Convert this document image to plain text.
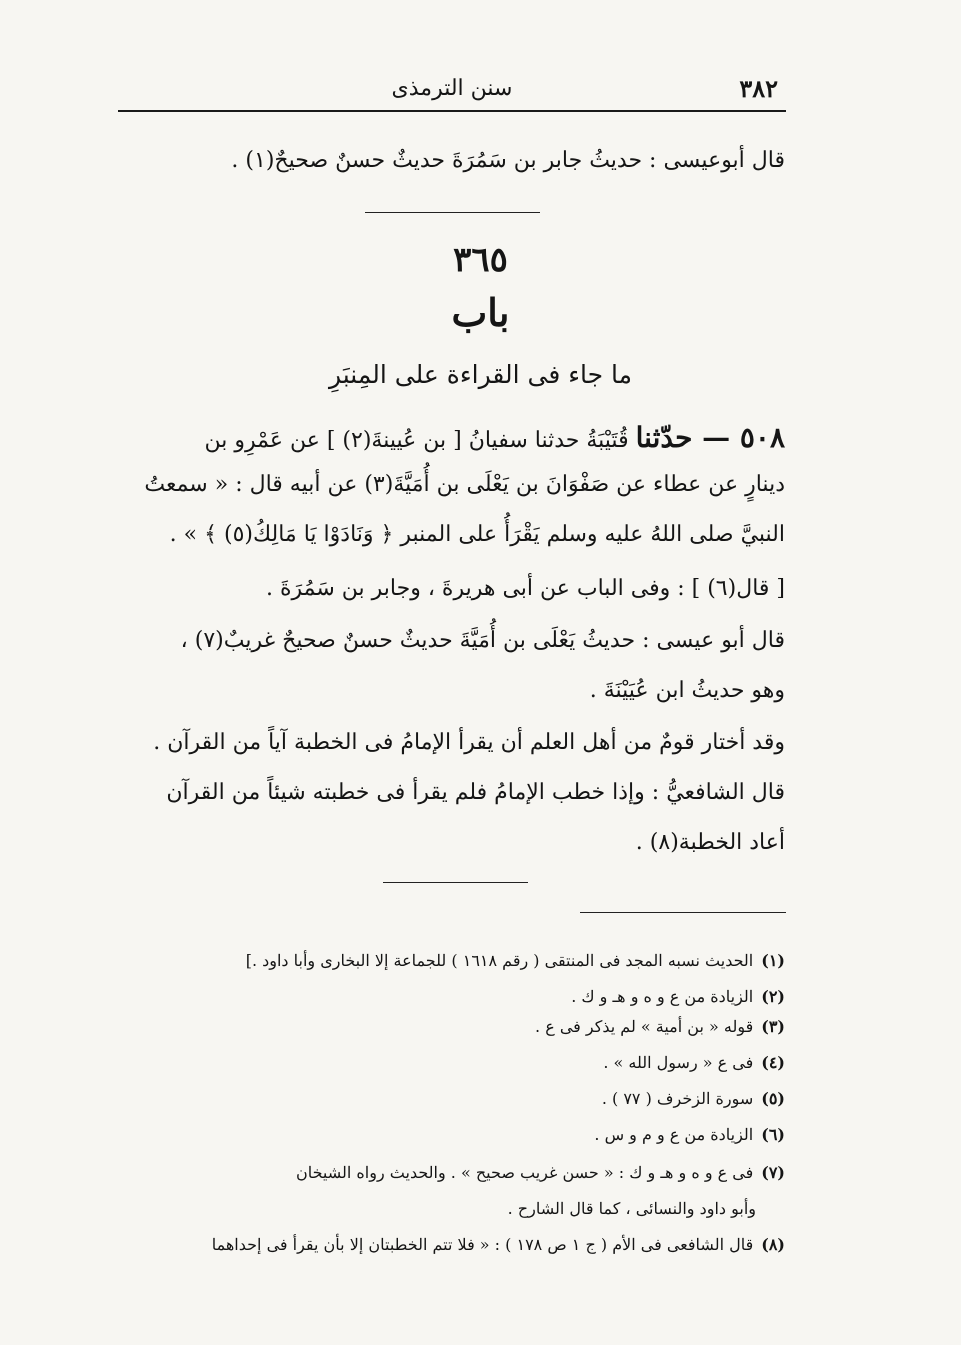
٣٨٢
سنن الترمذى
قال أبوعيسى : حديثُ جابر بن سَمُرَةَ حديثٌ حسنٌ صحيحٌ(١) .
٣٦٥
باب
ما جاء فى القراءة على المِنبَرِ
٥٠٨ — حدّثنا قُتَيْبَةُ حدثنا سفيانُ [ بن عُيينةَ(٢) ] عن عَمْرِو بن
دينارٍ عن عطاء عن صَفْوَانَ بن يَعْلَى بن أُمَيَّةَ(٣) عن أبيه قال : « سمعتُ
النبيَّ صلى اللهُ عليه وسلم يَقْرَأُ على المنبر ﴿ وَنَادَوْا يَا مَالِكُ(٥) ﴾ » .
[ قال(٦) ] : وفى الباب عن أبى هريرةَ ، وجابر بن سَمُرَةَ .
قال أبو عيسى : حديثُ يَعْلَى بن أُمَيَّةَ حديثٌ حسنٌ صحيحٌ غريبٌ(٧) ،
وهو حديثُ ابن عُيَيْنَةَ .
وقد أختار قومٌ من أهل العلم أن يقرأ الإمامُ فى الخطبة آياً من القرآن .
قال الشافعيُّ : وإذا خطب الإمامُ فلم يقرأ فى خطبته شيئاً من القرآن
أعاد الخطبة(٨) .
(١)الحديث نسبه المجد فى المنتقى ( رقم ١٦١٨ ) للجماعة إلا البخارى وأبا داود .]
(٢)الزيادة من ع و ه و هـ و ك .
(٣)قوله « بن أمية » لم يذكر فى ع .
(٤)فى ع « رسول الله » .
(٥)سورة الزخرف ( ٧٧ ) .
(٦)الزيادة من ع و م و س .
(٧)فى ع و ه و هـ و ك : « حسن غريب صحيح » . والحديث رواه الشيخان
وأبو داود والنسائى ، كما قال الشارح .
(٨)قال الشافعى فى الأم ( ج ١ ص ١٧٨ ) : « فلا تتم الخطبتان إلا بأن يقرأ فى إحداهما
